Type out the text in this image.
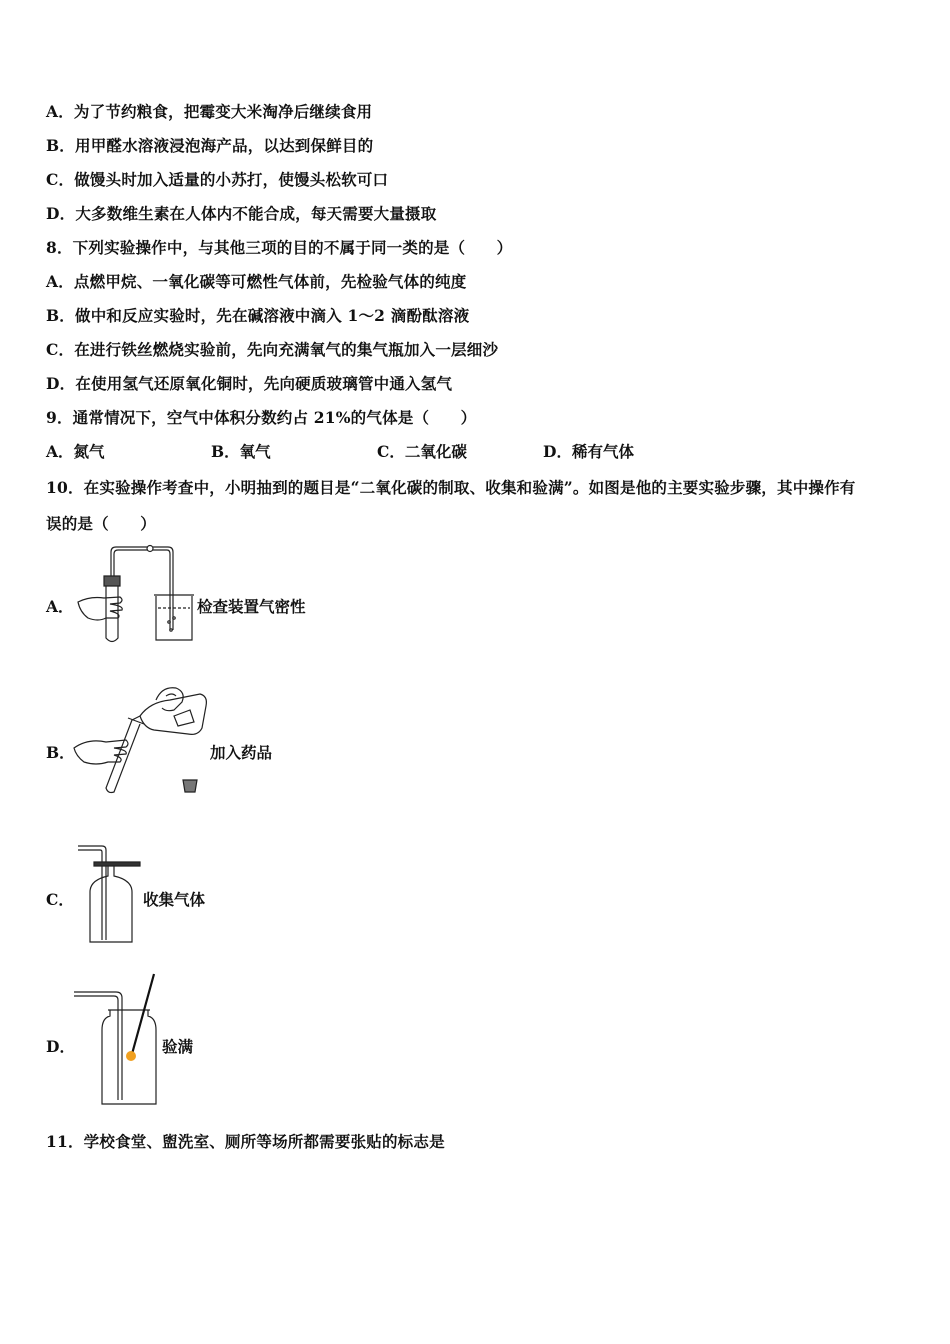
A．为了节约粮食，把霉变大米淘净后继续食用
B．用甲醛水溶液浸泡海产品，以达到保鲜目的
C．做馒头时加入适量的小苏打，使馒头松软可口
D．大多数维生素在人体内不能合成，每天需要大量摄取
8．下列实验操作中，与其他三项的目的不属于同一类的是（　　）
A．点燃甲烷、一氧化碳等可燃性气体前，先检验气体的纯度
B．做中和反应实验时，先在碱溶液中滴入 1～2 滴酚酞溶液
C．在进行铁丝燃烧实验前，先向充满氧气的集气瓶加入一层细沙
D．在使用氢气还原氧化铜时，先向硬质玻璃管中通入氢气
9．通常情况下，空气中体积分数约占 21%的气体是（　　）
A．氮气	B．氧气	C．二氧化碳	D．稀有气体
10．在实验操作考查中，小明抽到的题目是“二氧化碳的制取、收集和验满”。如图是他的主要实验步骤，其中操作有
误的是（　　）
A．	检查装置气密性
B．	加入药品
C．	收集气体
D．	验满
11．学校食堂、盥洗室、厕所等场所都需要张贴的标志是
